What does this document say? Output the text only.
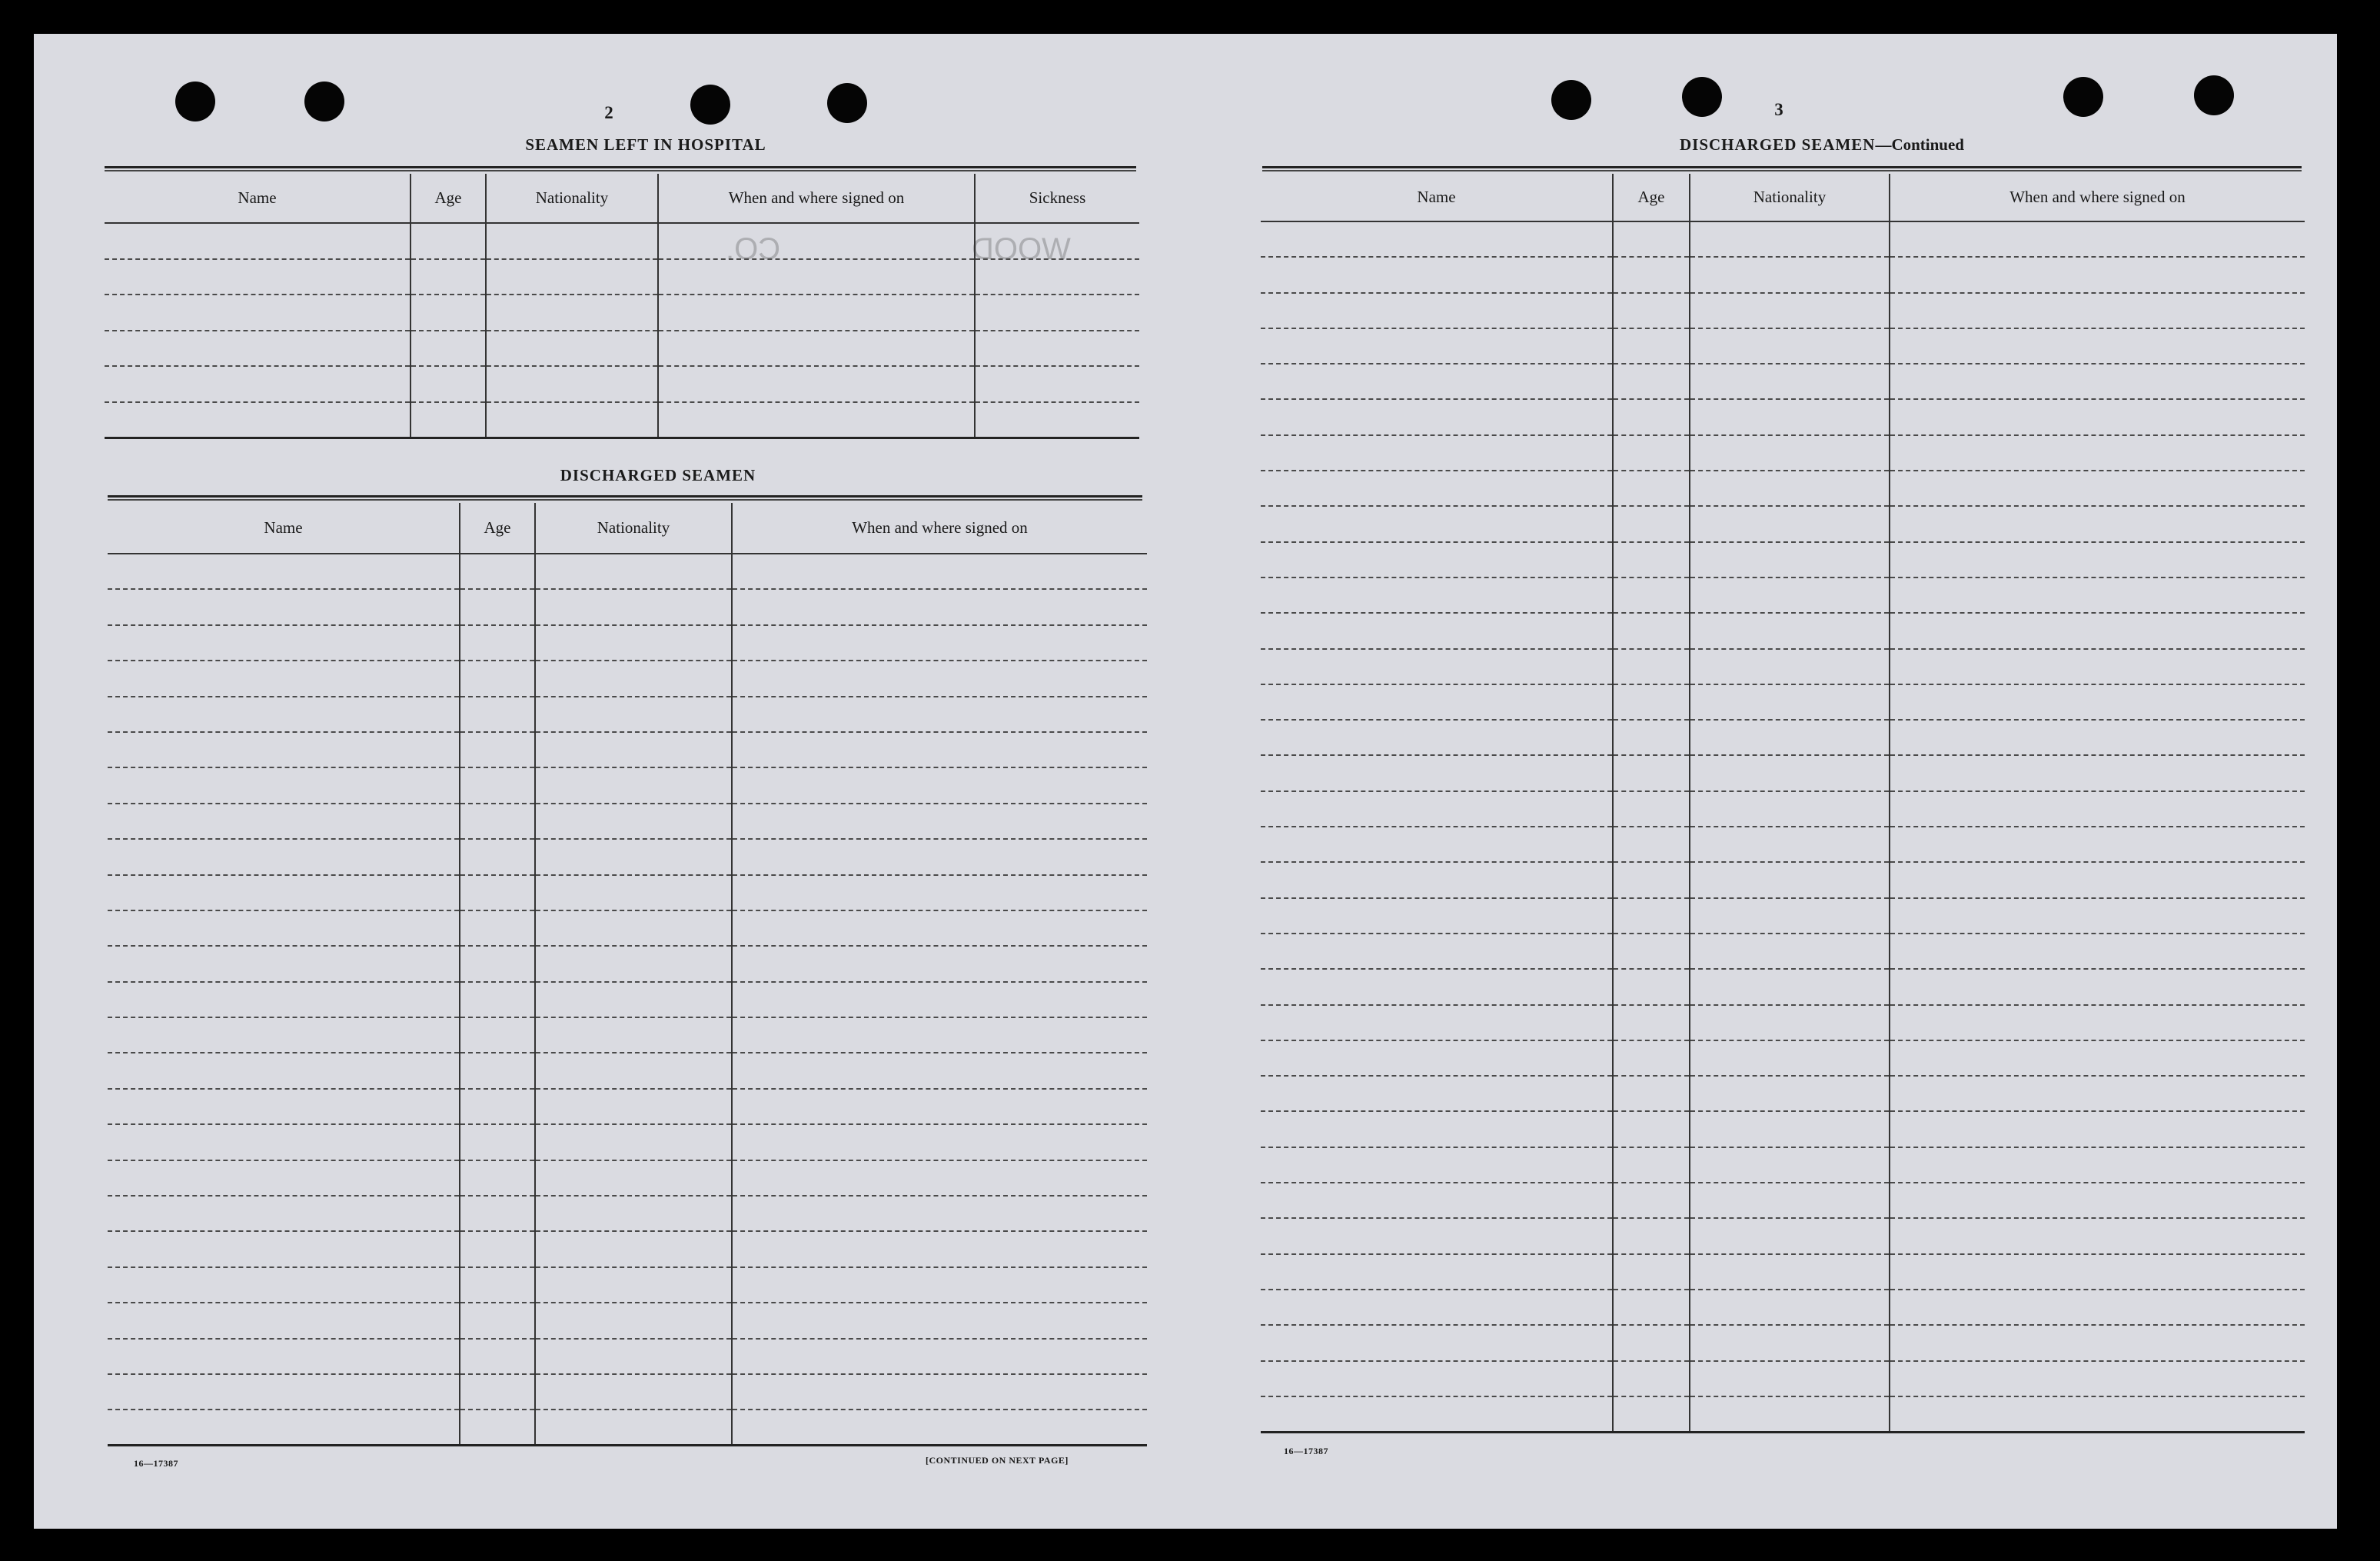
WOOD
CO.
2
SEAMEN LEFT IN HOSPITAL
Name	Age	Nationality	When and where signed on	Sickness

DISCHARGED SEAMEN
Name	Age	Nationality	When and where signed on

16—17387	[CONTINUED ON NEXT PAGE]
3
DISCHARGED SEAMEN—Continued
Name	Age	Nationality	When and where signed on

16—17387
